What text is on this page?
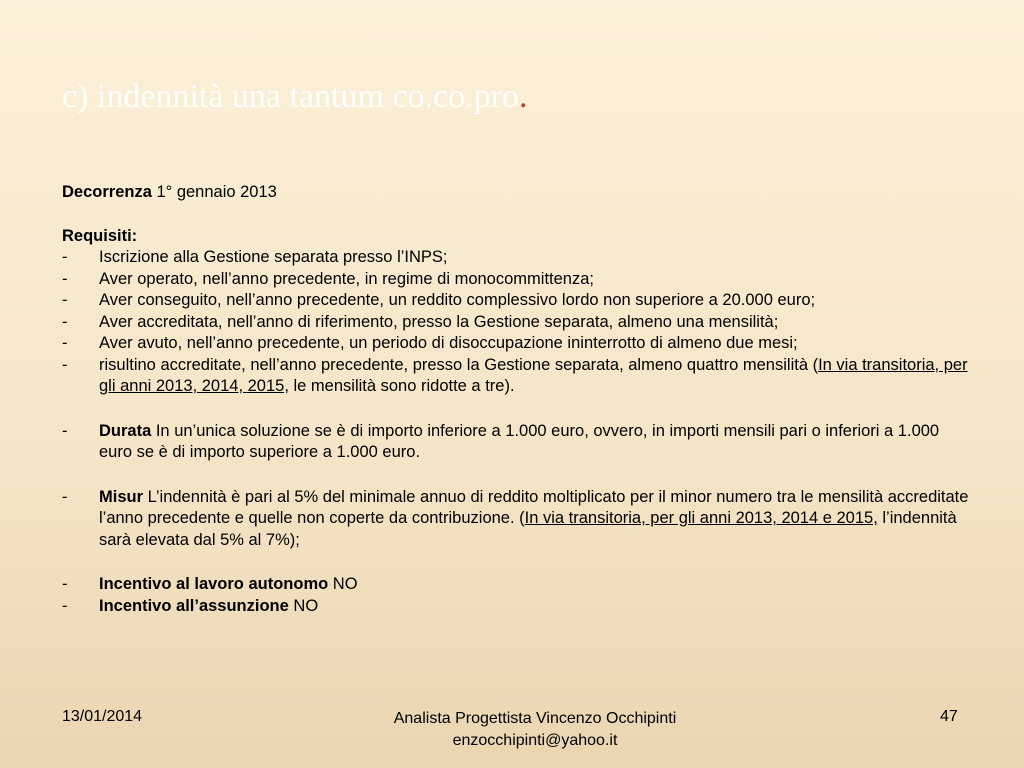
c) indennità una tantum co.co.pro.

Decorrenza 1° gennaio 2013

Requisiti:

-	Iscrizione alla Gestione separata presso l’INPS;
-	Aver operato, nell’anno precedente, in regime di monocommittenza;
-	Aver conseguito, nell’anno precedente, un reddito complessivo lordo non superiore a 20.000 euro;
-	Aver accreditata, nell’anno di riferimento, presso la Gestione separata, almeno una mensilità;
-	Aver avuto, nell’anno precedente, un periodo di disoccupazione ininterrotto di almeno due mesi;
-	risultino accreditate, nell’anno precedente, presso la Gestione separata, almeno quattro mensilità (In via transitoria, per gli anni 2013, 2014, 2015, le mensilità sono ridotte a tre).
-	Durata In un’unica soluzione se è di importo inferiore a 1.000 euro, ovvero, in importi mensili pari o inferiori a 1.000 euro se è di importo superiore a 1.000 euro.
-	Misur L’indennità è pari al 5% del minimale annuo di reddito moltiplicato per il minor numero tra le mensilità accreditate l’anno precedente e quelle non coperte da contribuzione. (In via transitoria, per gli anni 2013, 2014 e 2015, l’indennità sarà elevata dal 5% al 7%);
-	Incentivo al lavoro autonomo NO
-	Incentivo all’assunzione NO
13/01/2014	Analista Progettista Vincenzo Occhipinti
enzocchipinti@yahoo.it
47
